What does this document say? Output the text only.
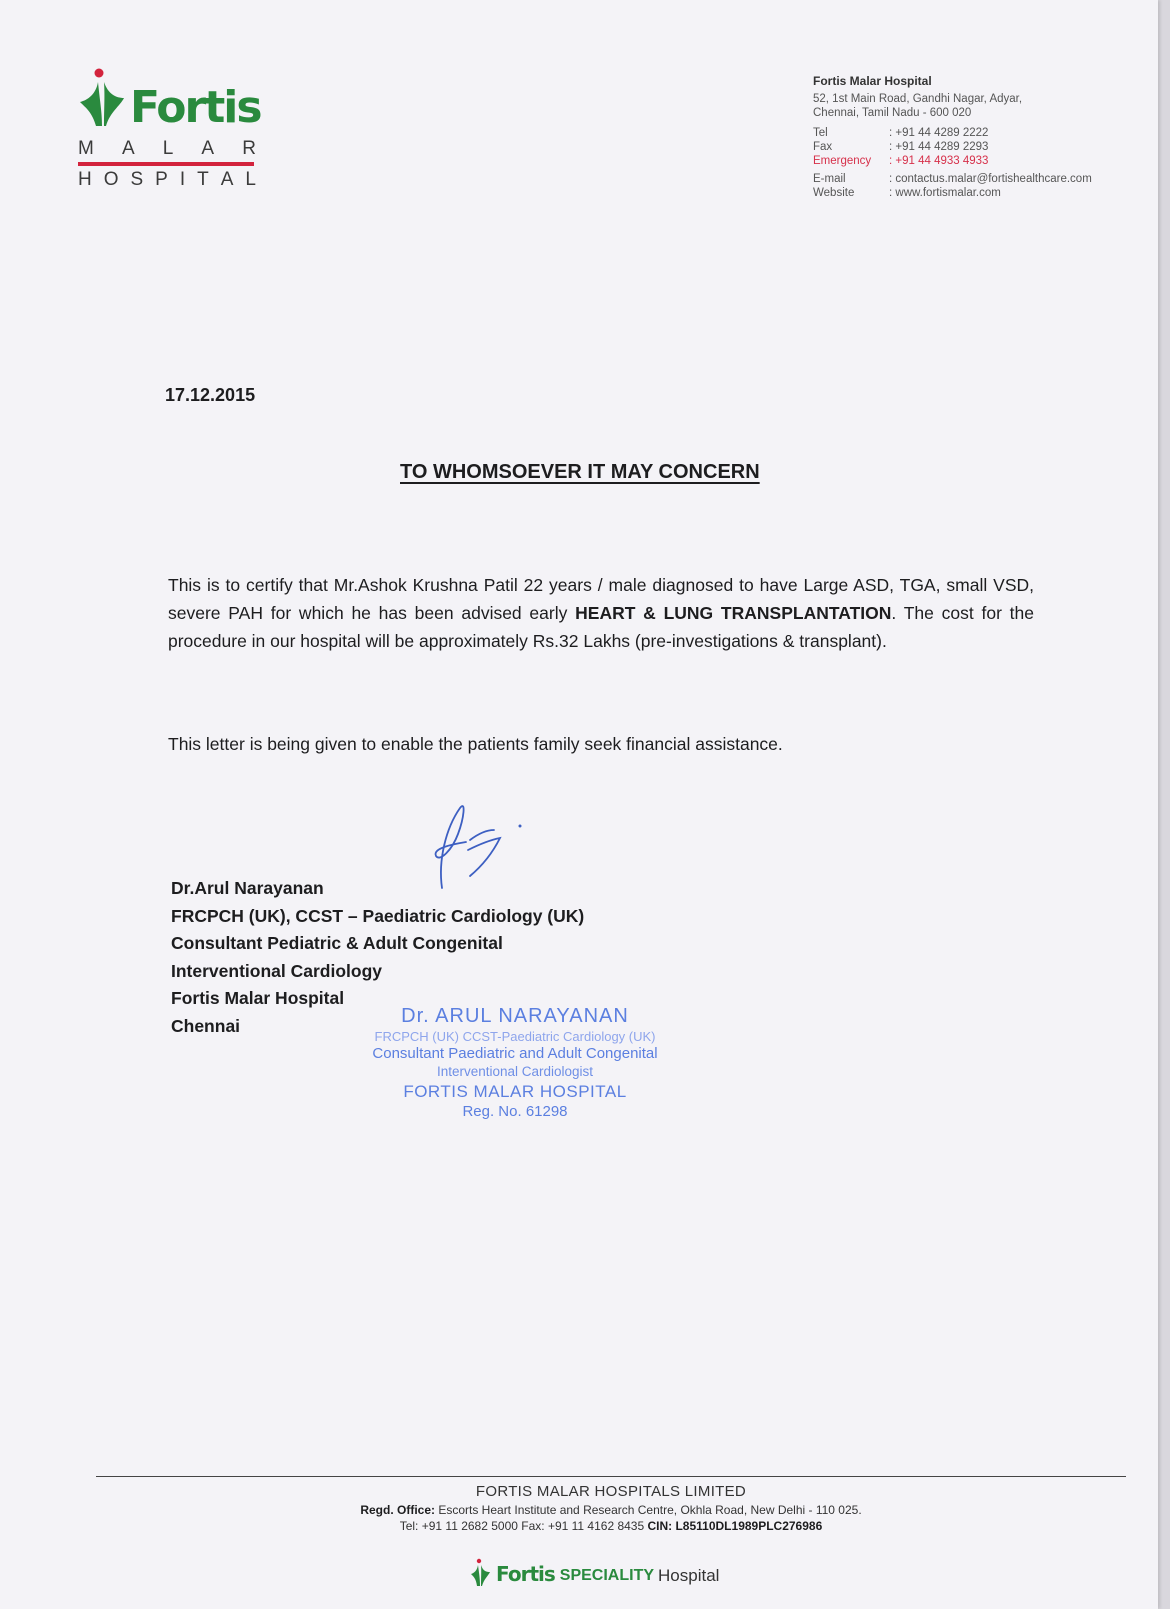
Fortis
M A L A R
H O S P I T A L
Fortis Malar Hospital
52, 1st Main Road, Gandhi Nagar, Adyar,
Chennai, Tamil Nadu - 600 020
Tel	: +91 44 4289 2222
Fax	: +91 44 4289 2293
Emergency	: +91 44 4933 4933
E-mail	: contactus.malar@fortishealthcare.com
Website	: www.fortismalar.com
17.12.2015
TO WHOMSOEVER IT MAY CONCERN
This is to certify that Mr.Ashok Krushna Patil 22 years / male diagnosed to have Large ASD, TGA, small VSD, severe PAH for which he has been advised early HEART & LUNG TRANSPLANTATION. The cost for the procedure in our hospital will be approximately Rs.32 Lakhs (pre-investigations & transplant).
This letter is being given to enable the patients family seek financial assistance.
Dr.Arul Narayanan
FRCPCH (UK), CCST – Paediatric Cardiology (UK)
Consultant Pediatric & Adult Congenital
Interventional Cardiology
Fortis Malar Hospital
Chennai	Dr. ARUL NARAYANAN
FRCPCH (UK) CCST-Paediatric Cardiology (UK)
Consultant Paediatric and Adult Congenital
Interventional Cardiologist
FORTIS MALAR HOSPITAL
Reg. No. 61298
FORTIS MALAR HOSPITALS LIMITED
Regd. Office: Escorts Heart Institute and Research Centre, Okhla Road, New Delhi - 110 025.
Tel: +91 11 2682 5000 Fax: +91 11 4162 8435 CIN: L85110DL1989PLC276986
Fortis SPECIALITY Hospital
